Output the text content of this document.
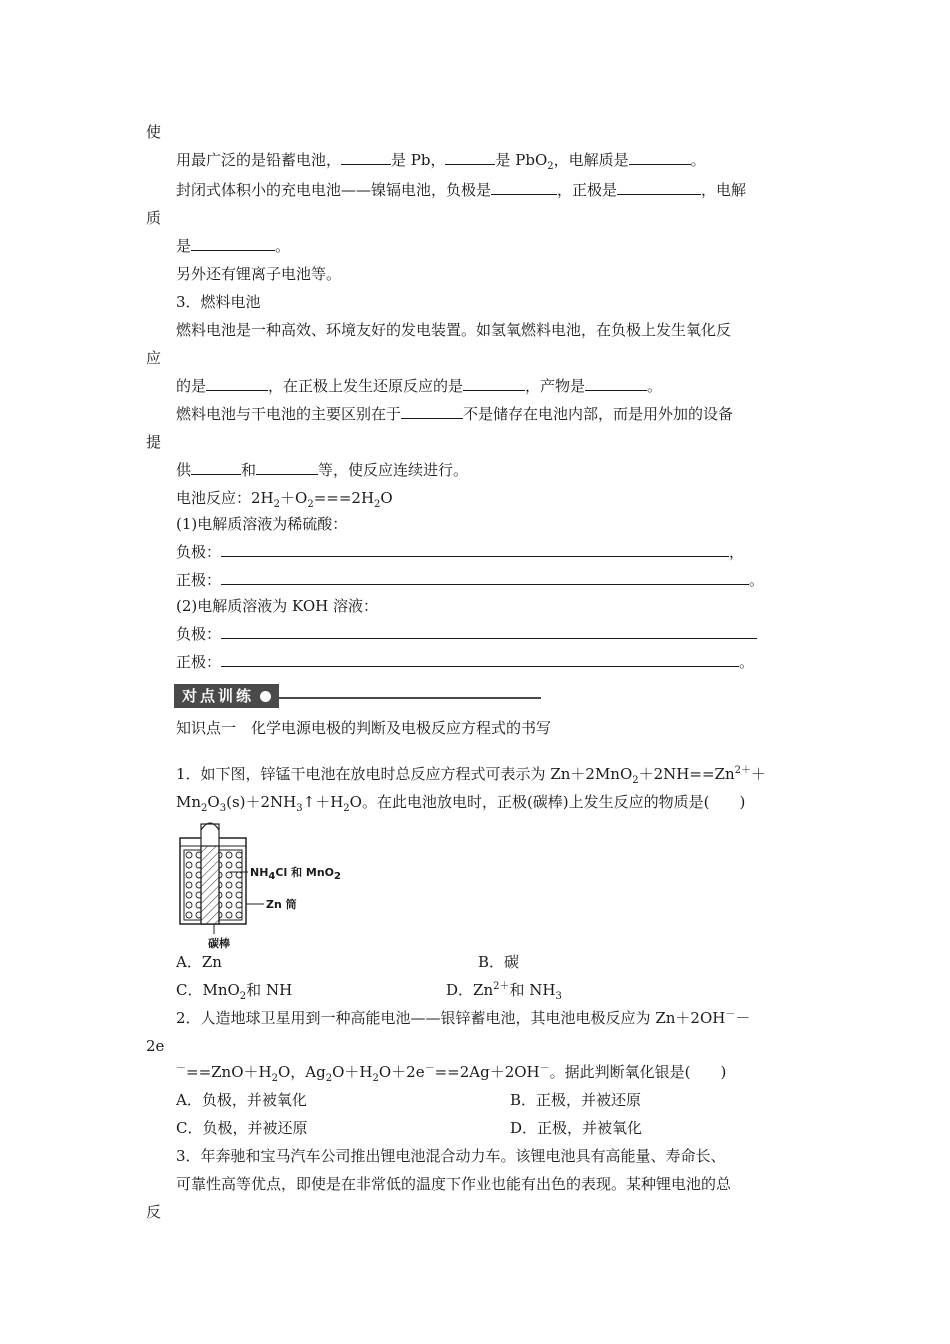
使
用最广泛的是铅蓄电池，	是 Pb，	是 PbO$_2$，电解质是	。
封闭式体积小的充电电池——镍镉电池，负极是	，正极是	，电解
质
是	。
另外还有锂离子电池等。
3．燃料电池
燃料电池是一种高效、环境友好的发电装置。如氢氧燃料电池，在负极上发生氧化反
应
的是	，在正极上发生还原反应的是	，产物是	。
燃料电池与干电池的主要区别在于	不是储存在电池内部，而是用外加的设备
提
供	和	等，使反应连续进行。
电池反应：$2H_2+O_2===2H_2O$
(1)电解质溶液为稀硫酸：
负极：	，
正极：	。
(2)电解质溶液为 KOH 溶液：
负极：
正极：	。
对点训练
知识点一　化学电源电极的判断及电极反应方程式的书写
1．如下图，锌锰干电池在放电时总反应方程式可表示为 $Zn+2MnO_2+2NH==Zn^{2+}+$
$Mn_2O_3(s)+2NH_3↑+H_2O$。在此电池放电时，正极(碳棒)上发生反应的物质是(　　)
$NH_4Cl$ 和 MnO$_2$
Zn 筒
碳棒
A．Zn	B．碳
C．MnO$_2$和 NH	D．$Zn^{2+}$和 $NH_3$
2．人造地球卫星用到一种高能电池——银锌蓄电池，其电池电极反应为 Zn＋2OH－－
2e
$^-==ZnO+H_2O$，$Ag_2O+H_2O+2e^-==2Ag+2OH^-$。据此判断氧化银是(　　)
A．负极，并被氧化	B．正极，并被还原
C．负极，并被还原	D．正极，并被氧化
3．年奔驰和宝马汽车公司推出锂电池混合动力车。该锂电池具有高能量、寿命长、
可靠性高等优点，即使是在非常低的温度下作业也能有出色的表现。某种锂电池的总
反
